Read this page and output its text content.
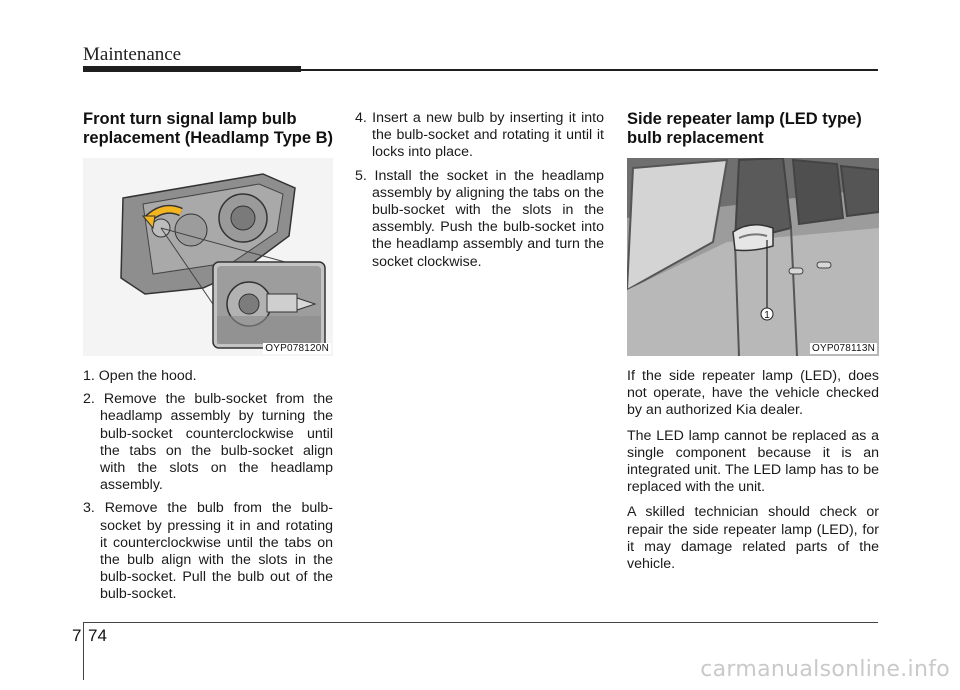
Maintenance
Front turn signal lamp bulb
replacement (Headlamp Type B)
OYP078120N
1. Open the hood.
2. Remove the bulb-socket from the headlamp assembly by turning the bulb-socket counterclockwise until the tabs on the bulb-socket align with the slots on the headlamp assembly.
3. Remove the bulb from the bulb-socket by pressing it in and rotating it counterclockwise until the tabs on the bulb align with the slots in the bulb-socket. Pull the bulb out of the bulb-socket.
4. Insert a new bulb by inserting it into the bulb-socket and rotating it until it locks into place.
5. Install the socket in the headlamp assembly by aligning the tabs on the bulb-socket with the slots in the assembly. Push the bulb-socket into the headlamp assembly and turn the socket clockwise.
Side repeater lamp (LED type)
bulb replacement
1
OYP078113N

If the side repeater lamp (LED), does not operate, have the vehicle checked by an authorized Kia dealer.

The LED lamp cannot be replaced as a single component because it is an integrated unit. The LED lamp has to be replaced with the unit.

A skilled technician should check or repair the side repeater lamp (LED), for it may damage related parts of the vehicle.

7 74
carmanualsonline.info
